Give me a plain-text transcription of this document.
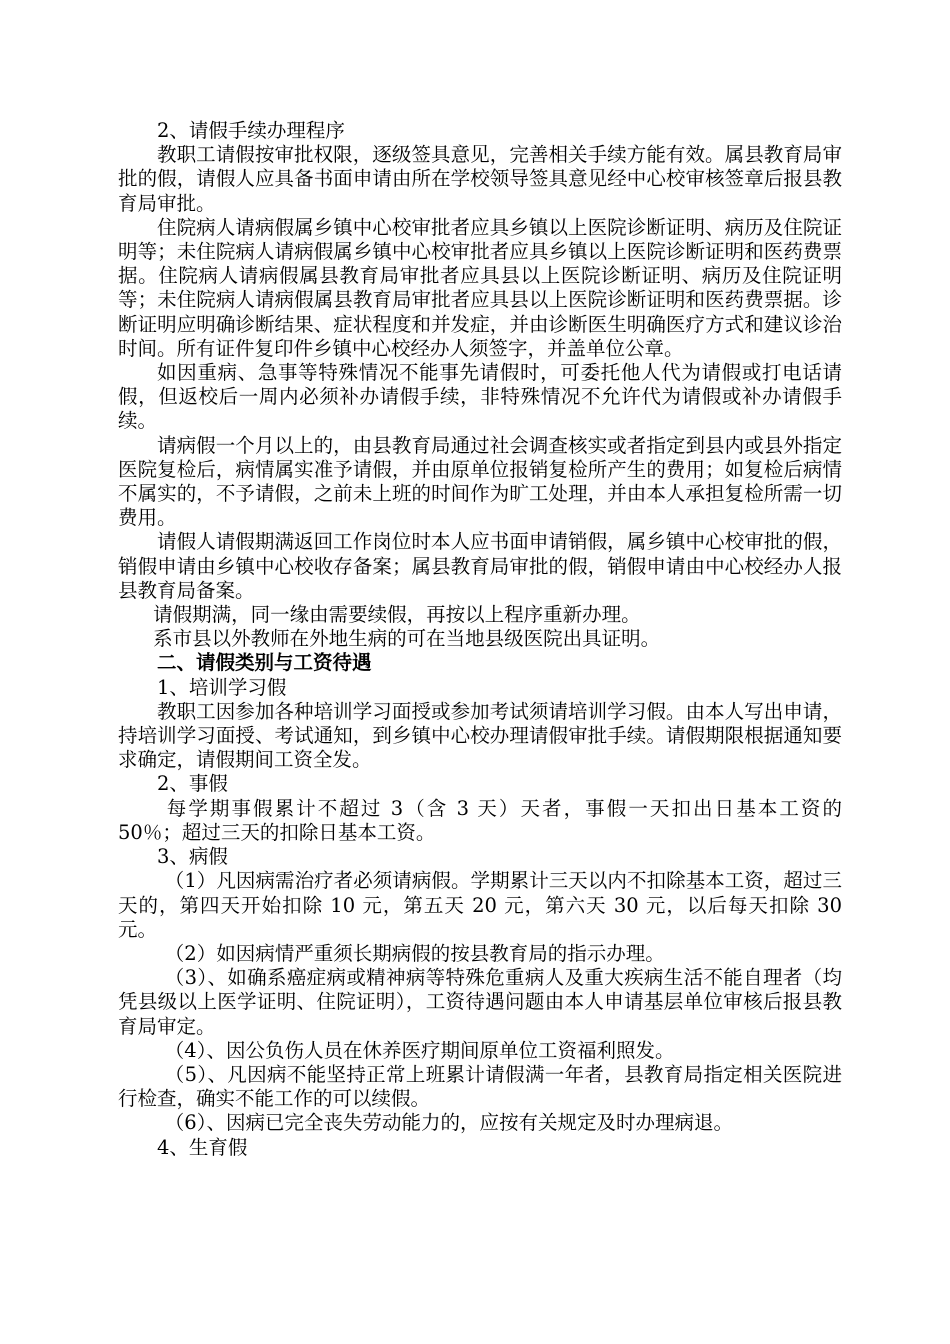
2、请假手续办理程序

教职工请假按审批权限，逐级签具意见，完善相关手续方能有效。属县教育局审批的假，请假人应具备书面申请由所在学校领导签具意见经中心校审核签章后报县教育局审批。

住院病人请病假属乡镇中心校审批者应具乡镇以上医院诊断证明、病历及住院证明等；未住院病人请病假属乡镇中心校审批者应具乡镇以上医院诊断证明和医药费票据。住院病人请病假属县教育局审批者应具县以上医院诊断证明、病历及住院证明等；未住院病人请病假属县教育局审批者应具县以上医院诊断证明和医药费票据。诊断证明应明确诊断结果、症状程度和并发症，并由诊断医生明确医疗方式和建议诊治时间。所有证件复印件乡镇中心校经办人须签字，并盖单位公章。

如因重病、急事等特殊情况不能事先请假时，可委托他人代为请假或打电话请假，但返校后一周内必须补办请假手续，非特殊情况不允许代为请假或补办请假手续。

请病假一个月以上的，由县教育局通过社会调查核实或者指定到县内或县外指定医院复检后，病情属实准予请假，并由原单位报销复检所产生的费用；如复检后病情不属实的，不予请假，之前未上班的时间作为旷工处理，并由本人承担复检所需一切费用。

请假人请假期满返回工作岗位时本人应书面申请销假，属乡镇中心校审批的假，销假申请由乡镇中心校收存备案；属县教育局审批的假，销假申请由中心校经办人报县教育局备案。

请假期满，同一缘由需要续假，再按以上程序重新办理。

系市县以外教师在外地生病的可在当地县级医院出具证明。

二、请假类别与工资待遇

1、培训学习假

教职工因参加各种培训学习面授或参加考试须请培训学习假。由本人写出申请，持培训学习面授、考试通知，到乡镇中心校办理请假审批手续。请假期限根据通知要求确定，请假期间工资全发。

2、事假

每学期事假累计不超过 3（含 3 天）天者，事假一天扣出日基本工资的 50％；超过三天的扣除日基本工资。

3、病假

（1）凡因病需治疗者必须请病假。学期累计三天以内不扣除基本工资，超过三天的，第四天开始扣除 10 元，第五天 20 元，第六天 30 元，以后每天扣除 30 元。

（2）如因病情严重须长期病假的按县教育局的指示办理。

（3）、如确系癌症病或精神病等特殊危重病人及重大疾病生活不能自理者（均凭县级以上医学证明、住院证明），工资待遇问题由本人申请基层单位审核后报县教育局审定。

（4）、因公负伤人员在休养医疗期间原单位工资福利照发。

（5）、凡因病不能坚持正常上班累计请假满一年者，县教育局指定相关医院进行检查，确实不能工作的可以续假。

（6）、因病已完全丧失劳动能力的，应按有关规定及时办理病退。

4、生育假
